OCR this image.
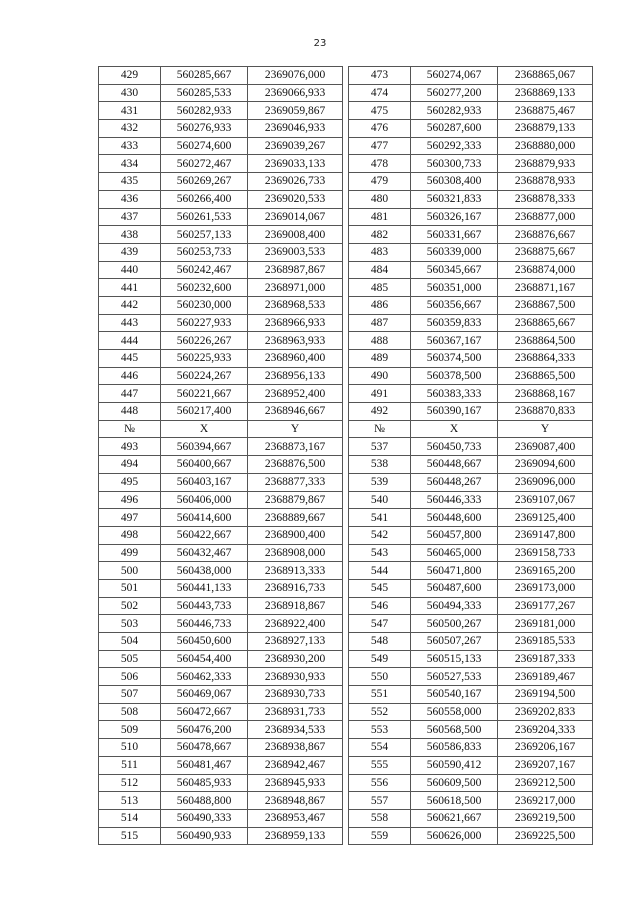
23
429	560285,667	2369076,000		473	560274,067	2368865,067
430	560285,533	2369066,933		474	560277,200	2368869,133
431	560282,933	2369059,867		475	560282,933	2368875,467
432	560276,933	2369046,933		476	560287,600	2368879,133
433	560274,600	2369039,267		477	560292,333	2368880,000
434	560272,467	2369033,133		478	560300,733	2368879,933
435	560269,267	2369026,733		479	560308,400	2368878,933
436	560266,400	2369020,533		480	560321,833	2368878,333
437	560261,533	2369014,067		481	560326,167	2368877,000
438	560257,133	2369008,400		482	560331,667	2368876,667
439	560253,733	2369003,533		483	560339,000	2368875,667
440	560242,467	2368987,867		484	560345,667	2368874,000
441	560232,600	2368971,000		485	560351,000	2368871,167
442	560230,000	2368968,533		486	560356,667	2368867,500
443	560227,933	2368966,933		487	560359,833	2368865,667
444	560226,267	2368963,933		488	560367,167	2368864,500
445	560225,933	2368960,400		489	560374,500	2368864,333
446	560224,267	2368956,133		490	560378,500	2368865,500
447	560221,667	2368952,400		491	560383,333	2368868,167
448	560217,400	2368946,667		492	560390,167	2368870,833
№	X	Y		№	X	Y
493	560394,667	2368873,167		537	560450,733	2369087,400
494	560400,667	2368876,500		538	560448,667	2369094,600
495	560403,167	2368877,333		539	560448,267	2369096,000
496	560406,000	2368879,867		540	560446,333	2369107,067
497	560414,600	2368889,667		541	560448,600	2369125,400
498	560422,667	2368900,400		542	560457,800	2369147,800
499	560432,467	2368908,000		543	560465,000	2369158,733
500	560438,000	2368913,333		544	560471,800	2369165,200
501	560441,133	2368916,733		545	560487,600	2369173,000
502	560443,733	2368918,867		546	560494,333	2369177,267
503	560446,733	2368922,400		547	560500,267	2369181,000
504	560450,600	2368927,133		548	560507,267	2369185,533
505	560454,400	2368930,200		549	560515,133	2369187,333
506	560462,333	2368930,933		550	560527,533	2369189,467
507	560469,067	2368930,733		551	560540,167	2369194,500
508	560472,667	2368931,733		552	560558,000	2369202,833
509	560476,200	2368934,533		553	560568,500	2369204,333
510	560478,667	2368938,867		554	560586,833	2369206,167
511	560481,467	2368942,467		555	560590,412	2369207,167
512	560485,933	2368945,933		556	560609,500	2369212,500
513	560488,800	2368948,867		557	560618,500	2369217,000
514	560490,333	2368953,467		558	560621,667	2369219,500
515	560490,933	2368959,133		559	560626,000	2369225,500
